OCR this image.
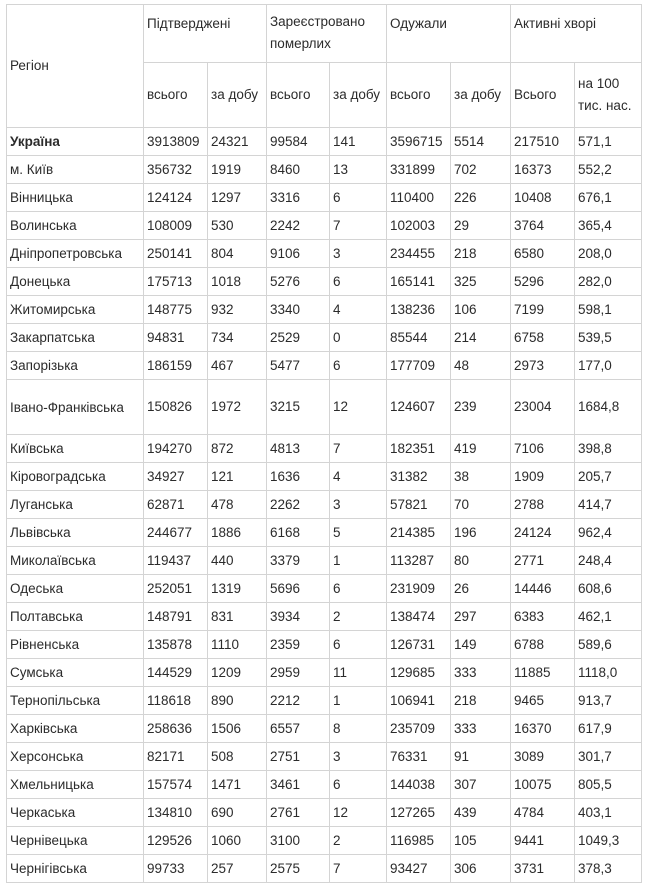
Регіон	Підтверджені		Зареєстровано померлих		Одужали		Активні хворі	
	всього	за добу	всього	за добу	всього	за добу	Всього	на 100 тис. нас.
Україна	3913809	24321	99584	141	3596715	5514	217510	571,1
м. Київ	356732	1919	8460	13	331899	702	16373	552,2
Вінницька	124124	1297	3316	6	110400	226	10408	676,1
Волинська	108009	530	2242	7	102003	29	3764	365,4
Дніпропетровська	250141	804	9106	3	234455	218	6580	208,0
Донецька	175713	1018	5276	6	165141	325	5296	282,0
Житомирська	148775	932	3340	4	138236	106	7199	598,1
Закарпатська	94831	734	2529	0	85544	214	6758	539,5
Запорізька	186159	467	5477	6	177709	48	2973	177,0
Івано-Франківська	150826	1972	3215	12	124607	239	23004	1684,8
Київська	194270	872	4813	7	182351	419	7106	398,8
Кіровоградська	34927	121	1636	4	31382	38	1909	205,7
Луганська	62871	478	2262	3	57821	70	2788	414,7
Львівська	244677	1886	6168	5	214385	196	24124	962,4
Миколаївська	119437	440	3379	1	113287	80	2771	248,4
Одеська	252051	1319	5696	6	231909	26	14446	608,6
Полтавська	148791	831	3934	2	138474	297	6383	462,1
Рівненська	135878	1110	2359	6	126731	149	6788	589,6
Сумська	144529	1209	2959	11	129685	333	11885	1118,0
Тернопільська	118618	890	2212	1	106941	218	9465	913,7
Харківська	258636	1506	6557	8	235709	333	16370	617,9
Херсонська	82171	508	2751	3	76331	91	3089	301,7
Хмельницька	157574	1471	3461	6	144038	307	10075	805,5
Черкаська	134810	690	2761	12	127265	439	4784	403,1
Чернівецька	129526	1060	3100	2	116985	105	9441	1049,3
Чернігівська	99733	257	2575	7	93427	306	3731	378,3
